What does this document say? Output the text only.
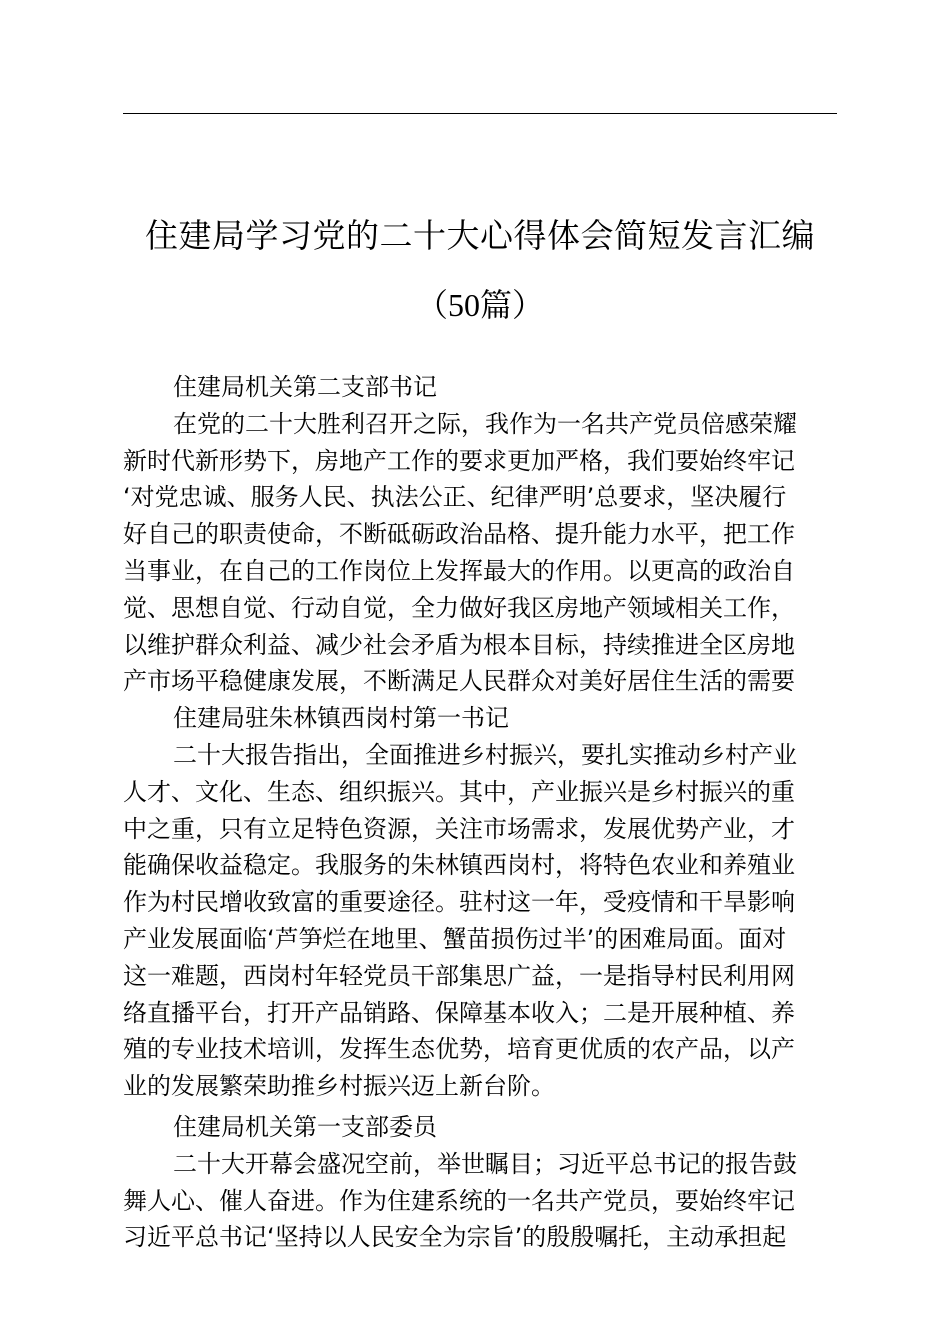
住建局学习党的二十大心得体会简短发言汇编
（50篇）
住建局机关第二支部书记
在党的二十大胜利召开之际，我作为一名共产党员倍感荣耀
新时代新形势下，房地产工作的要求更加严格，我们要始终牢记
‘对党忠诚、服务人民、执法公正、纪律严明’总要求，坚决履行
好自己的职责使命，不断砥砺政治品格、提升能力水平，把工作
当事业，在自己的工作岗位上发挥最大的作用。以更高的政治自
觉、思想自觉、行动自觉，全力做好我区房地产领域相关工作，
以维护群众利益、减少社会矛盾为根本目标，持续推进全区房地
产市场平稳健康发展，不断满足人民群众对美好居住生活的需要
住建局驻朱林镇西岗村第一书记
二十大报告指出，全面推进乡村振兴，要扎实推动乡村产业
人才、文化、生态、组织振兴。其中，产业振兴是乡村振兴的重
中之重，只有立足特色资源，关注市场需求，发展优势产业，才
能确保收益稳定。我服务的朱林镇西岗村，将特色农业和养殖业
作为村民增收致富的重要途径。驻村这一年，受疫情和干旱影响
产业发展面临‘芦笋烂在地里、蟹苗损伤过半’的困难局面。面对
这一难题，西岗村年轻党员干部集思广益，一是指导村民利用网
络直播平台，打开产品销路、保障基本收入；二是开展种植、养
殖的专业技术培训，发挥生态优势，培育更优质的农产品，以产
业的发展繁荣助推乡村振兴迈上新台阶。
住建局机关第一支部委员
二十大开幕会盛况空前，举世瞩目；习近平总书记的报告鼓
舞人心、催人奋进。作为住建系统的一名共产党员，要始终牢记
习近平总书记‘坚持以人民安全为宗旨’的殷殷嘱托，主动承担起
